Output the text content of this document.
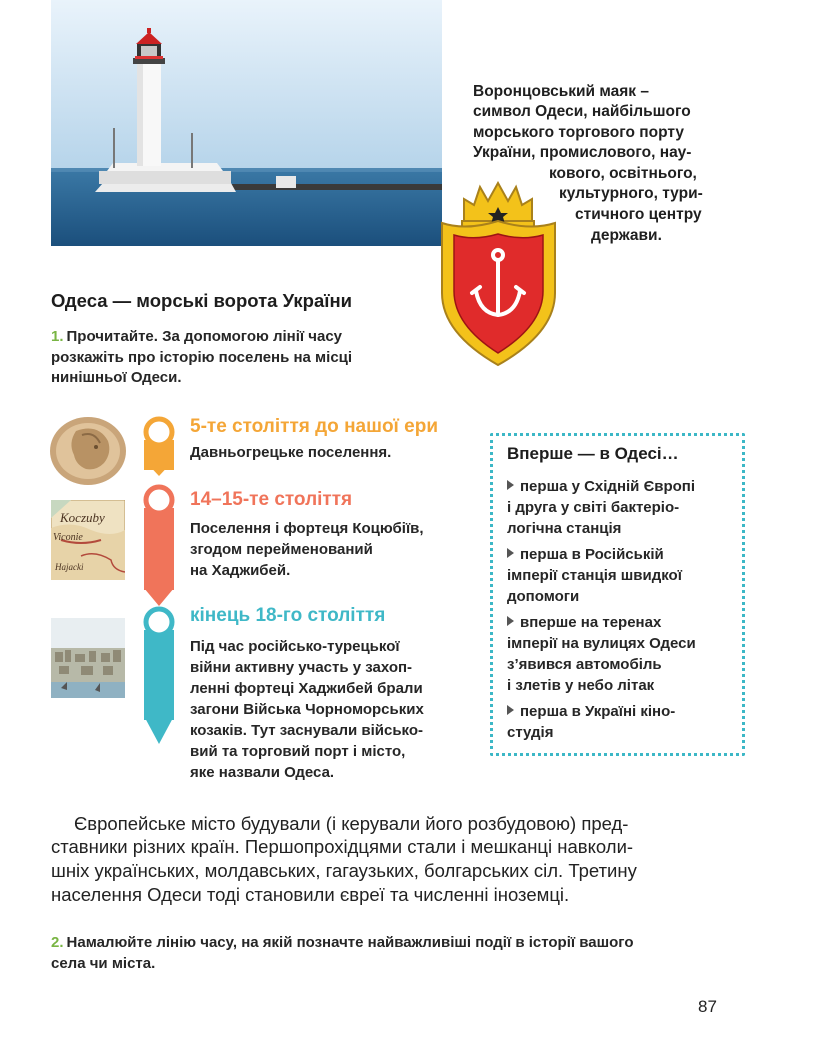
Воронцовський маяк –
символ Одеси, найбільшого
морського торгового порту
України, промислового, нау-
кового, освітнього,
культурного, тури-
стичного центру
держави.
Одеса — морські ворота України
1. Прочитайте. За допомогою лінії часу
розкажіть про історію поселень на місці
нинішньої Одеси.
Koczuby
Viconie
Hajacki
5-те століття до нашої ери
Давньогрецьке поселення.
14–15-те століття
Поселення і фортеця Коцюбіїв,
згодом перейменований
на Хаджибей.
кінець 18-го століття
Під час російсько-турецької
війни активну участь у захоп-
ленні фортеці Хаджибей брали
загони Війська Чорноморських
козаків. Тут заснували військо-
вий та торговий порт і місто,
яке назвали Одеса.
Вперше — в Одесі…
перша у Східній Європі
і друга у світі бактеріо-
логічна станція
перша в Російській
імперії станція швидкої
допомоги
вперше на теренах
імперії на вулицях Одеси
з’явився автомобіль
і злетів у небо літак
перша в Україні кіно-
студія
Європейське місто будували (і керували його розбудовою) пред-
ставники різних країн. Першопрохідцями стали і мешканці навколи-
шніх українських, молдавських, гагаузьких, болгарських сіл. Третину
населення Одеси тоді становили євреї та численні іноземці.
2. Намалюйте лінію часу, на якій позначте найважливіші події в історії вашого
села чи міста.
87
